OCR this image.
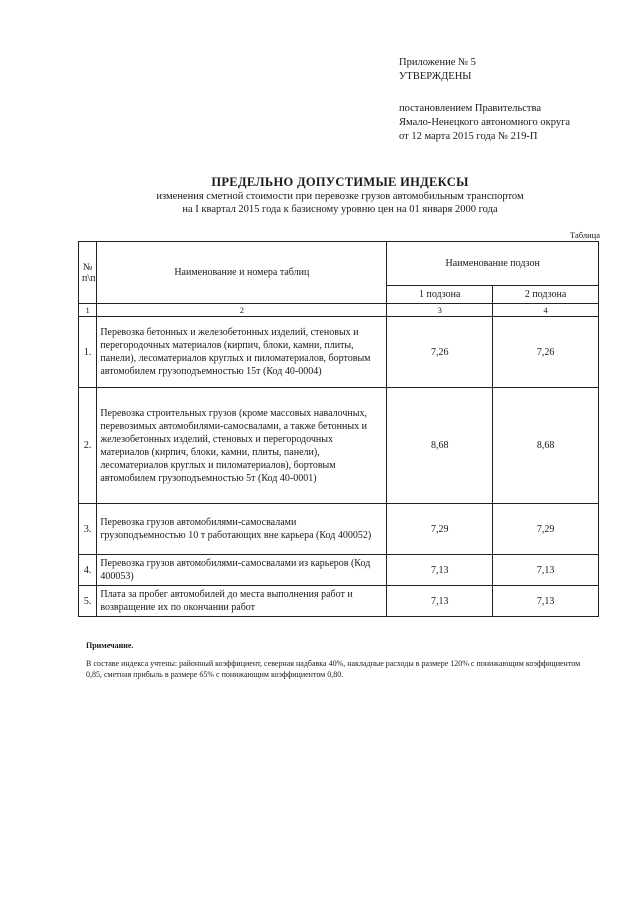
Приложение № 5
УТВЕРЖДЕНЫ
постановлением Правительства
Ямало-Ненецкого автономного округа
от 12 марта 2015 года № 219-П
ПРЕДЕЛЬНО ДОПУСТИМЫЕ ИНДЕКСЫ
изменения сметной стоимости при перевозке грузов автомобильным транспортом
на I квартал 2015 года к базисному уровню цен на 01 января 2000 года
Таблица
№ п\п	Наименование и номера таблиц	Наименование подзон	
		1 подзона	2 подзона
1	2	3	4
1.	Перевозка бетонных и железобетонных изделий, стеновых и перегородочных материалов (кирпич, блоки, камни, плиты, панели), лесоматериалов круглых и пиломатериалов, бортовым автомобилем грузоподъемностью 15т (Код 40-0004)	7,26	7,26
2.	Перевозка строительных грузов (кроме массовых навалочных, перевозимых автомобилями-самосвалами, а также бетонных и железобетонных изделий, стеновых и перегородочных материалов (кирпич, блоки, камни, плиты, панели), лесоматериалов круглых и пиломатериалов), бортовым автомобилем грузоподъемностью 5т (Код 40-0001)	8,68	8,68
3.	Перевозка грузов автомобилями-самосвалами грузоподъемностью 10 т работающих вне карьера (Код 400052)	7,29	7,29
4.	Перевозка грузов автомобилями-самосвалами из карьеров (Код 400053)	7,13	7,13
5.	Плата за пробег автомобилей до места выполнения работ и возвращение их по окончании работ	7,13	7,13
Примечание.
В составе индекса учтены: районный коэффициент, северная надбавка 40%, накладные расходы в размере 120% с понижающим коэффициентом 0,85, сметная прибыль в размере 65% с понижающим коэффициентом 0,80.
